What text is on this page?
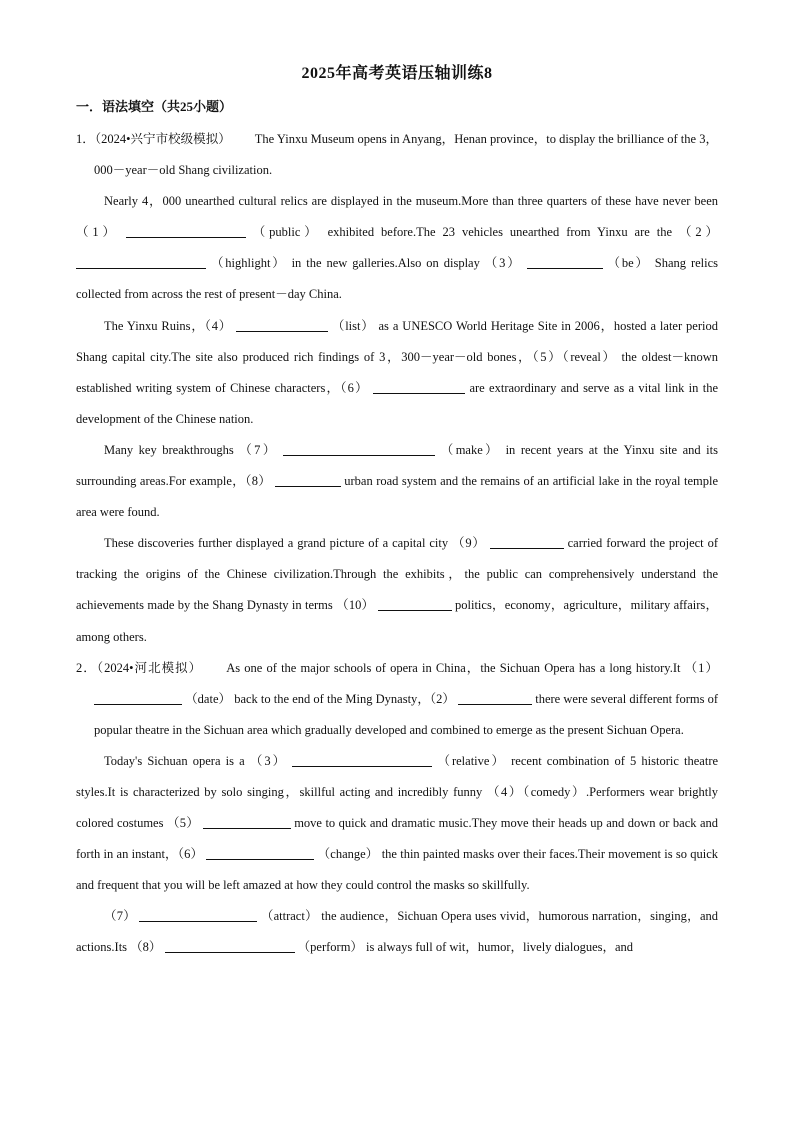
2025年高考英语压轴训练8
一．语法填空（共25小题）

1．（2024•兴宁市校级模拟） The Yinxu Museum opens in Anyang，Henan province，to display the brilliance of the 3，000－year－old Shang civilization.

Nearly 4，000 unearthed cultural relics are displayed in the museum.More than three quarters of these have never been （1）	（public） exhibited before.The 23 vehicles unearthed from Yinxu are the （2）  （highlight） in the new galleries.Also on display （3）	（be） Shang relics collected from across the rest of present－day China.

The Yinxu Ruins，（4）	（list） as a UNESCO World Heritage Site in 2006，hosted a later period Shang capital city.The site also produced rich findings of 3，300－year－old bones，（5）（reveal） the oldest－known established writing system of Chinese characters，（6）	are extraordinary and serve as a vital link in the development of the Chinese nation.

Many key breakthroughs （7）	（make） in recent years at the Yinxu site and its surrounding areas.For example，（8）	urban road system and the remains of an artificial lake in the royal temple area were found.

These discoveries further displayed a grand picture of a capital city （9）	carried forward the project of tracking the origins of the Chinese civilization.Through the exhibits，the public can comprehensively understand the achievements made by the Shang Dynasty in terms （10）	politics，economy，agriculture，military affairs，among others.

2．（2024•河北模拟） As one of the major schools of opera in China，the Sichuan Opera has a long history.It （1）  （date） back to the end of the Ming Dynasty，（2）	there were several different forms of popular theatre in the Sichuan area which gradually developed and combined to emerge as the present Sichuan Opera.

Today's Sichuan opera is a （3）	（relative） recent combination of 5 historic theatre styles.It is characterized by solo singing，skillful acting and incredibly funny （4）（comedy）.Performers wear brightly colored costumes （5）	move to quick and dramatic music.They move their heads up and down or back and forth in an instant，（6）	（change） the thin painted masks over their faces.Their movement is so quick and frequent that you will be left amazed at how they could control the masks so skillfully.

（7）	（attract） the audience，Sichuan Opera uses vivid，humorous narration，singing，and actions.Its （8）	（perform） is always full of wit，humor，lively dialogues，and
